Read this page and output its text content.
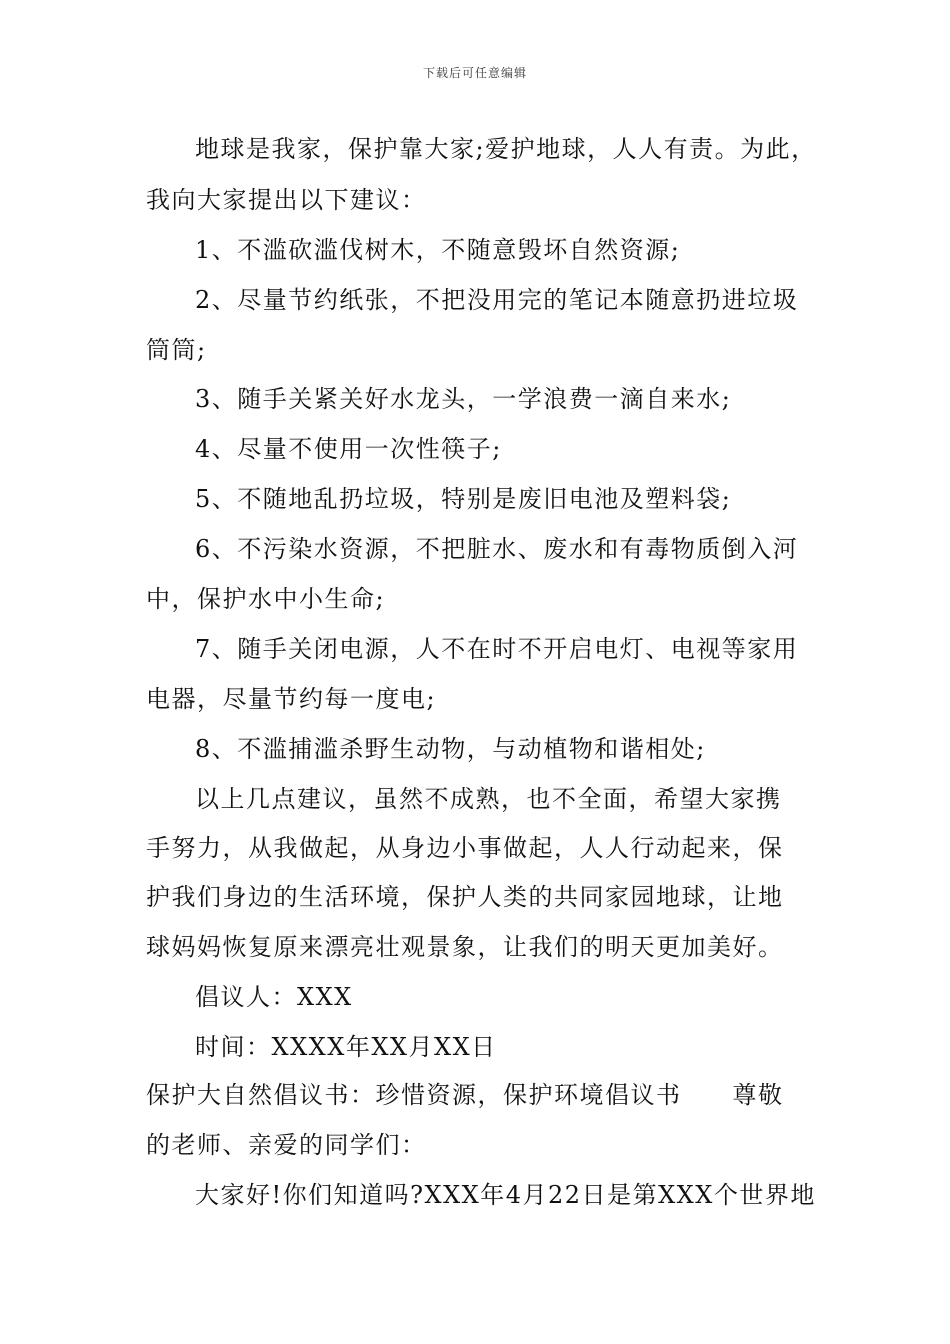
下载后可任意编辑
地球是我家，保护靠大家;爱护地球，人人有责。为此，
我向大家提出以下建议：
1、不滥砍滥伐树木，不随意毁坏自然资源;
2、尽量节约纸张，不把没用完的笔记本随意扔进垃圾
筒筒;
3、随手关紧关好水龙头，一学浪费一滴自来水;
4、尽量不使用一次性筷子;
5、不随地乱扔垃圾，特别是废旧电池及塑料袋;
6、不污染水资源，不把脏水、废水和有毒物质倒入河
中，保护水中小生命;
7、随手关闭电源，人不在时不开启电灯、电视等家用
电器，尽量节约每一度电;
8、不滥捕滥杀野生动物，与动植物和谐相处;
以上几点建议，虽然不成熟，也不全面，希望大家携
手努力，从我做起，从身边小事做起，人人行动起来，保
护我们身边的生活环境，保护人类的共同家园地球，让地
球妈妈恢复原来漂亮壮观景象，让我们的明天更加美好。
倡议人：XXX
时间：XXXX年XX月XX日
保护大自然倡议书：珍惜资源，保护环境倡议书　　尊敬
的老师、亲爱的同学们：
大家好!你们知道吗?XXX年4月22日是第XXX个世界地
